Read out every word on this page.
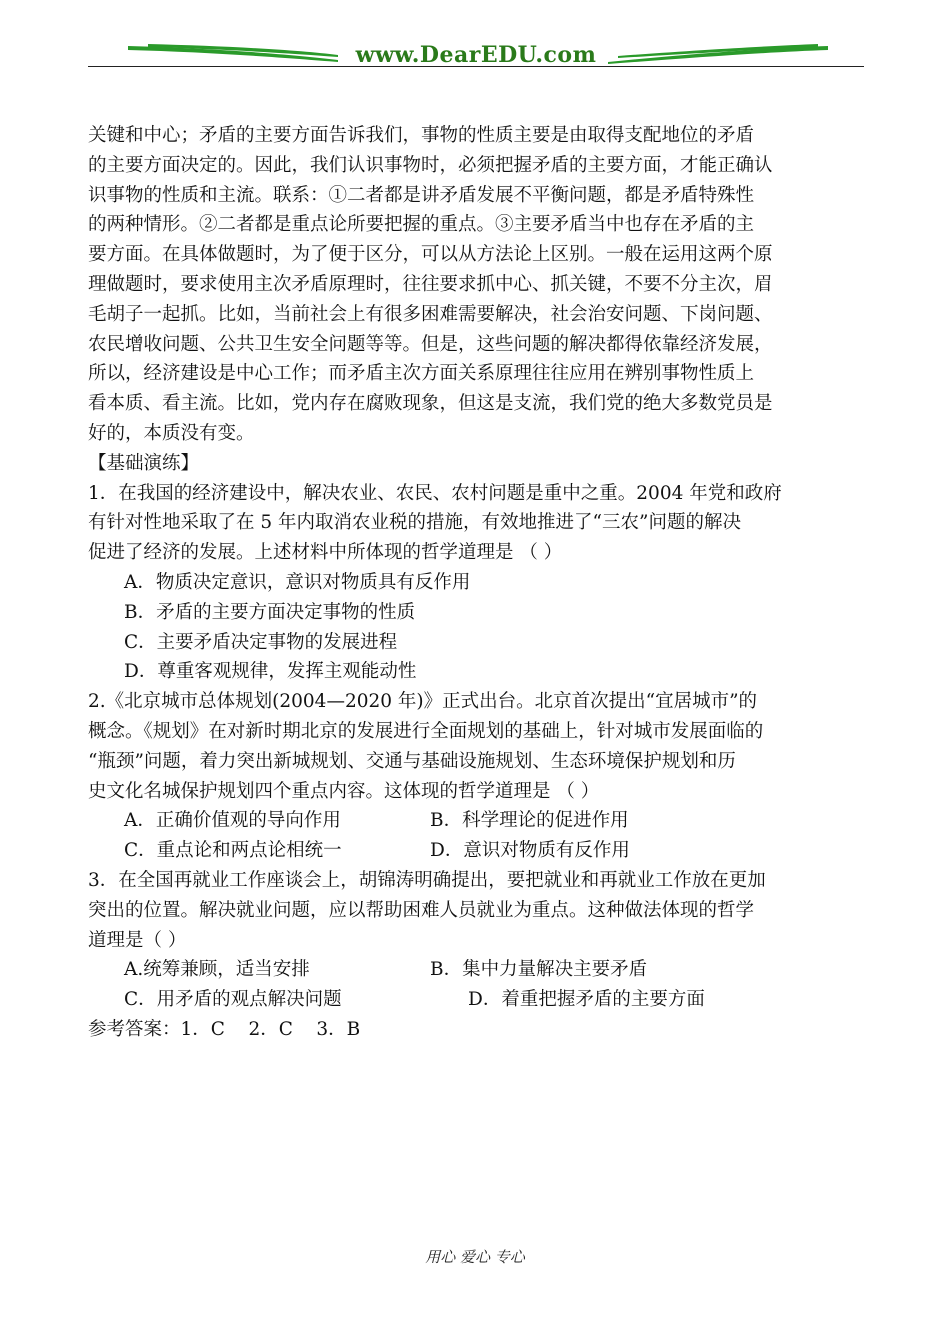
www.DearEDU.com
关键和中心；矛盾的主要方面告诉我们，事物的性质主要是由取得支配地位的矛盾
的主要方面决定的。因此，我们认识事物时，必须把握矛盾的主要方面，才能正确认
识事物的性质和主流。联系：①二者都是讲矛盾发展不平衡问题，都是矛盾特殊性
的两种情形。②二者都是重点论所要把握的重点。③主要矛盾当中也存在矛盾的主
要方面。在具体做题时，为了便于区分，可以从方法论上区别。一般在运用这两个原
理做题时，要求使用主次矛盾原理时，往往要求抓中心、抓关键，不要不分主次，眉
毛胡子一起抓。比如，当前社会上有很多困难需要解决，社会治安问题、下岗问题、
农民增收问题、公共卫生安全问题等等。但是，这些问题的解决都得依靠经济发展，
所以，经济建设是中心工作；而矛盾主次方面关系原理往往应用在辨别事物性质上
看本质、看主流。比如，党内存在腐败现象，但这是支流，我们党的绝大多数党员是
好的，本质没有变。
【基础演练】
1．在我国的经济建设中，解决农业、农民、农村问题是重中之重。2004 年党和政府
有针对性地采取了在 5 年内取消农业税的措施，有效地推进了“三农”问题的解决
促进了经济的发展。上述材料中所体现的哲学道理是 （ ）
A．物质决定意识，意识对物质具有反作用
B．矛盾的主要方面决定事物的性质
C．主要矛盾决定事物的发展进程
D．尊重客观规律，发挥主观能动性
2.《北京城市总体规划(2004—2020 年)》正式出台。北京首次提出“宜居城市”的
概念。《规划》在对新时期北京的发展进行全面规划的基础上，针对城市发展面临的
“瓶颈”问题，着力突出新城规划、交通与基础设施规划、生态环境保护规划和历
史文化名城保护规划四个重点内容。这体现的哲学道理是 （ ）
A．正确价值观的导向作用	B．科学理论的促进作用
C．重点论和两点论相统一	D．意识对物质有反作用
3．在全国再就业工作座谈会上，胡锦涛明确提出，要把就业和再就业工作放在更加
突出的位置。解决就业问题，应以帮助困难人员就业为重点。这种做法体现的哲学
道理是（ ）
A.统筹兼顾，适当安排	B．集中力量解决主要矛盾
C．用矛盾的观点解决问题	D．着重把握矛盾的主要方面
参考答案：1．C    2．C    3．B
用心 爱心 专心
